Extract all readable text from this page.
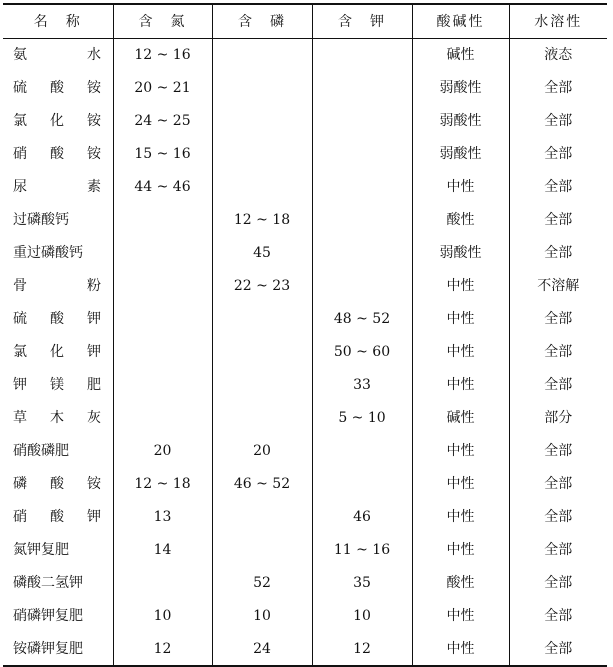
名　称	含　氮	含　磷	含　钾	酸碱性	水溶性
氨 水	12 ~ 16			碱性	液态
硫 酸 铵	20 ~ 21			弱酸性	全部
氯 化 铵	24 ~ 25			弱酸性	全部
硝 酸 铵	15 ~ 16			弱酸性	全部
尿 素	44 ~ 46			中性	全部
过磷酸钙		12 ~ 18		酸性	全部
重过磷酸钙		45		弱酸性	全部
骨 粉		22 ~ 23		中性	不溶解
硫 酸 钾			48 ~ 52	中性	全部
氯 化 钾			50 ~ 60	中性	全部
钾 镁 肥			33	中性	全部
草 木 灰			5 ~ 10	碱性	部分
硝酸磷肥	20	20		中性	全部
磷 酸 铵	12 ~ 18	46 ~ 52		中性	全部
硝 酸 钾	13		46	中性	全部
氮钾复肥	14		11 ~ 16	中性	全部
磷酸二氢钾		52	35	酸性	全部
硝磷钾复肥	10	10	10	中性	全部
铵磷钾复肥	12	24	12	中性	全部
